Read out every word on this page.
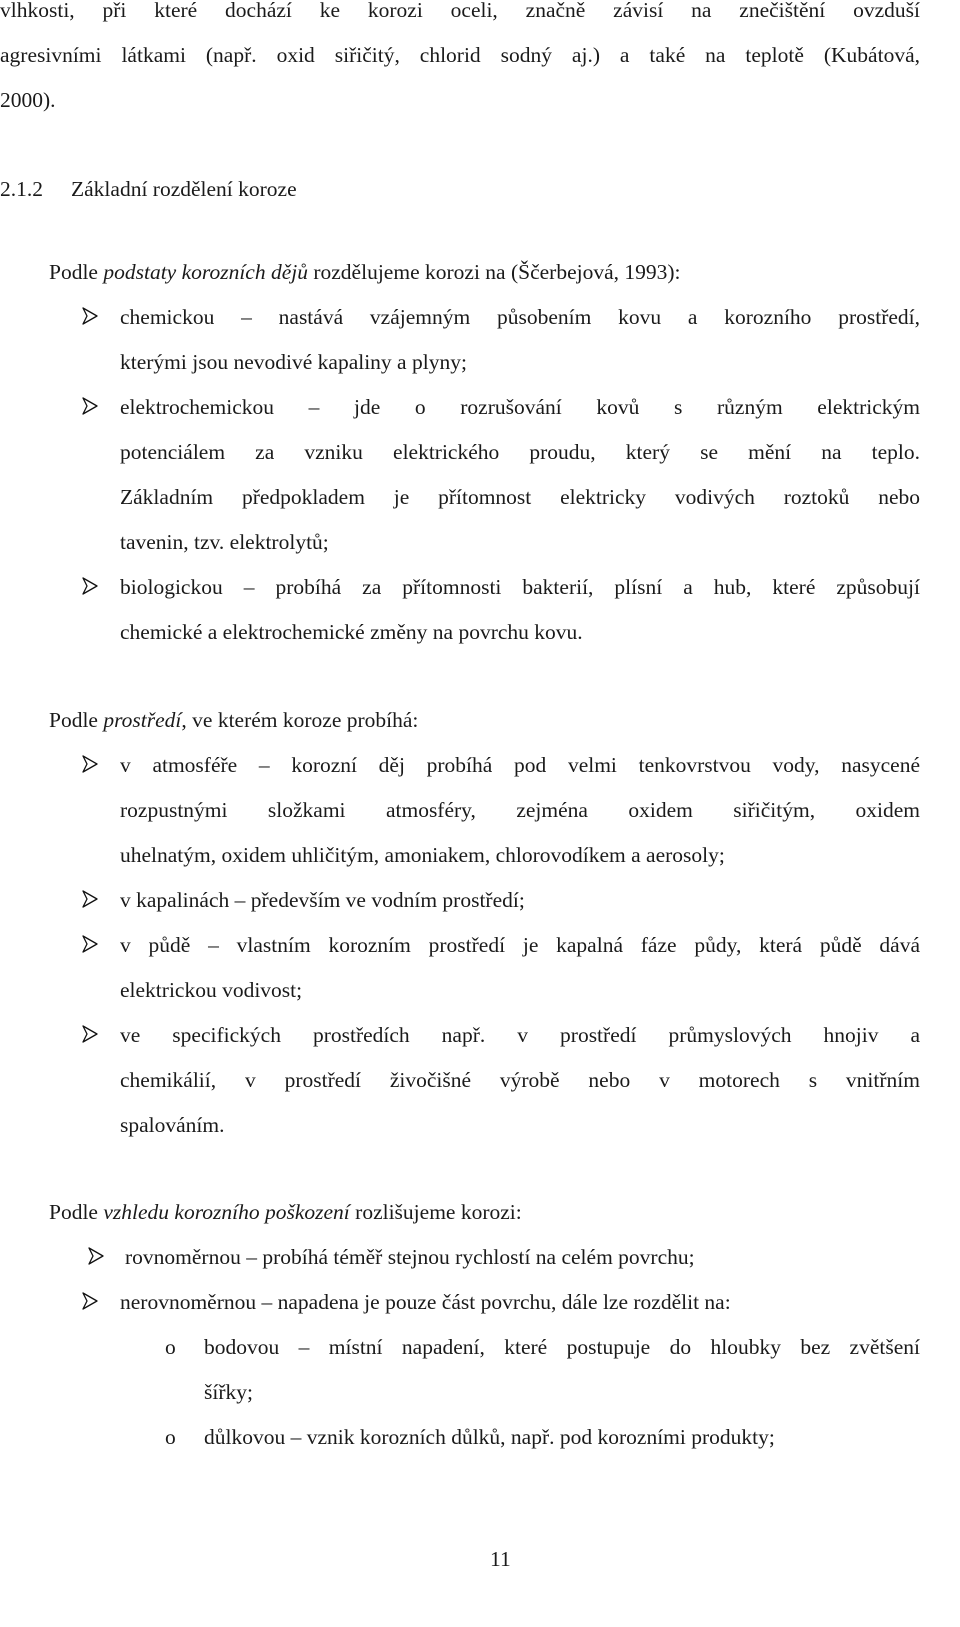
vlhkosti, při které dochází ke korozi oceli, značně závisí na znečištění ovzduší
agresivními látkami (např. oxid siřičitý, chlorid sodný aj.) a také na teplotě (Kubátová,
2000).
2.1.2 Základní rozdělení koroze
Podle podstaty korozních dějů rozdělujeme korozi na (Ščerbejová, 1993):
chemickou – nastává vzájemným působením kovu a korozního prostředí,
kterými jsou nevodivé kapaliny a plyny;
elektrochemickou – jde o rozrušování kovů s různým elektrickým
potenciálem za vzniku elektrického proudu, který se mění na teplo.
Základním předpokladem je přítomnost elektricky vodivých roztoků nebo
tavenin, tzv. elektrolytů;
biologickou – probíhá za přítomnosti bakterií, plísní a hub, které způsobují
chemické a elektrochemické změny na povrchu kovu.
Podle prostředí, ve kterém koroze probíhá:
v atmosféře – korozní děj probíhá pod velmi tenkovrstvou vody, nasycené
rozpustnými složkami atmosféry, zejména oxidem siřičitým, oxidem
uhelnatým, oxidem uhličitým, amoniakem, chlorovodíkem a aerosoly;
v kapalinách – především ve vodním prostředí;
v půdě – vlastním korozním prostředí je kapalná fáze půdy, která půdě dává
elektrickou vodivost;
ve specifických prostředích např. v prostředí průmyslových hnojiv a
chemikálií, v prostředí živočišné výrobě nebo v motorech s vnitřním
spalováním.
Podle vzhledu korozního poškození rozlišujeme korozi:
rovnoměrnou – probíhá téměř stejnou rychlostí na celém povrchu;
nerovnoměrnou – napadena je pouze část povrchu, dále lze rozdělit na:
o bodovou – místní napadení, které postupuje do hloubky bez zvětšení
šířky;
o důlkovou – vznik korozních důlků, např. pod korozními produkty;
11
